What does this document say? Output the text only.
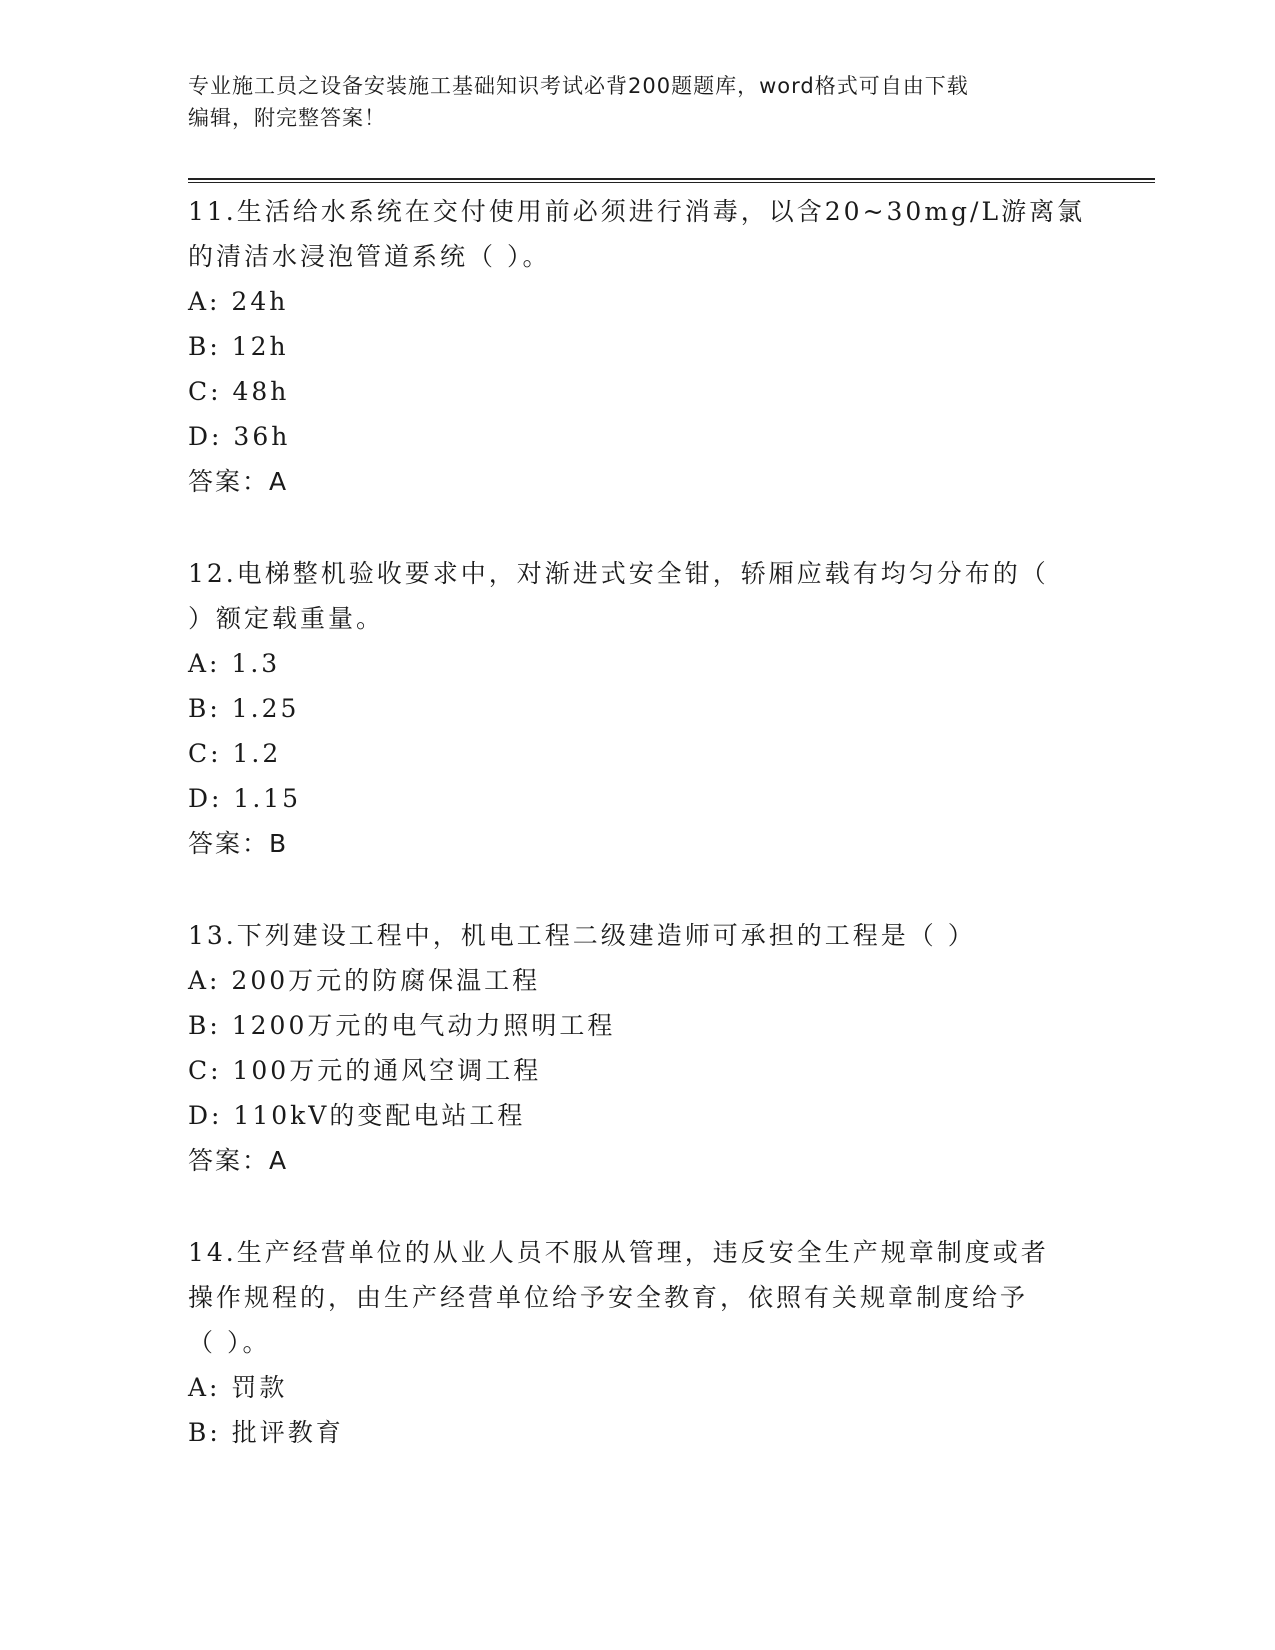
专业施工员之设备安装施工基础知识考试必背200题题库，word格式可自由下载
编辑，附完整答案！
11.生活给水系统在交付使用前必须进行消毒，以含20~30mg/L游离氯
的清洁水浸泡管道系统（ ）。
A: 24h
B: 12h
C: 48h
D: 36h
答案：A
12.电梯整机验收要求中，对渐进式安全钳，轿厢应载有均匀分布的（
）额定载重量。
A: 1.3
B: 1.25
C: 1.2
D: 1.15
答案：B
13.下列建设工程中，机电工程二级建造师可承担的工程是（ ）
A: 200万元的防腐保温工程
B: 1200万元的电气动力照明工程
C: 100万元的通风空调工程
D: 110kV的变配电站工程
答案：A
14.生产经营单位的从业人员不服从管理，违反安全生产规章制度或者
操作规程的，由生产经营单位给予安全教育，依照有关规章制度给予
（ ）。
A: 罚款
B: 批评教育
